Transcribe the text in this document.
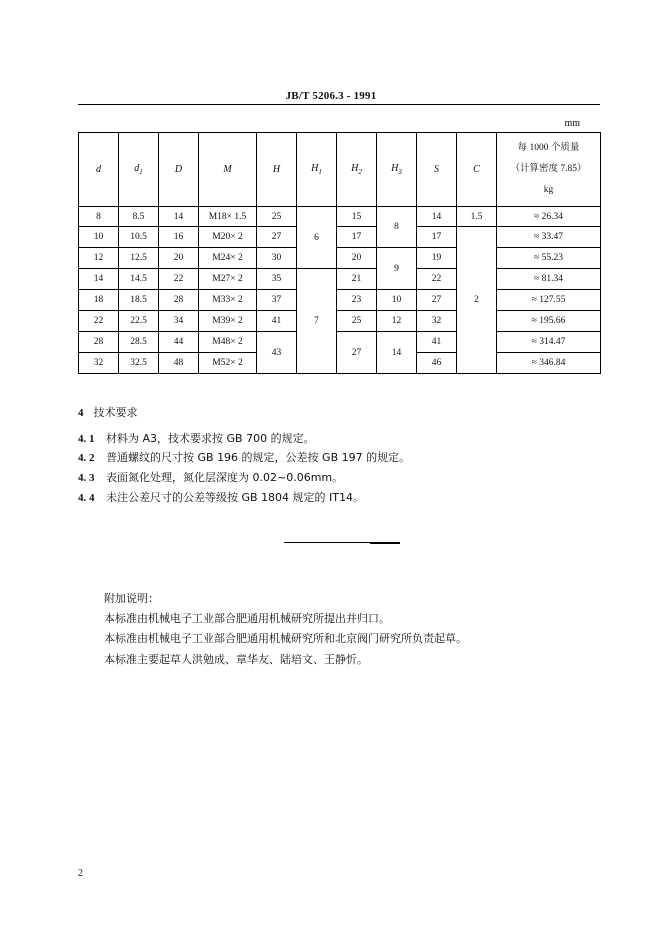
JB/T 5206.3 - 1991
mm
d	$d_1$	D	M	H	$H_1$	$H_2$	$H_3$	S	C	每 1000 个质量
（计算密度 7.85）
kg

8	8.5	14	M18× 1.5	25	6	15	8	14	1.5	≈ 26.34
10	10.5	16	M20× 2	27		17		17	2	≈ 33.47
12	12.5	20	M24× 2	30		20	9	19		≈ 55.23
14	14.5	22	M27× 2	35	7	21		22		≈ 81.34
18	18.5	28	M33× 2	37		23	10	27		≈ 127.55
22	22.5	34	M39× 2	41		25	12	32		≈ 195.66
28	28.5	44	M48× 2	43		27	14	41		≈ 314.47
32	32.5	48	M52× 2					46		≈ 346.84
4 技术要求
4. 1 材料为 A3，技术要求按 GB 700 的规定。
4. 2 普通螺纹的尺寸按 GB 196 的规定，公差按 GB 197 的规定。
4. 3 表面氮化处理，氮化层深度为 0.02~0.06mm。
4. 4 未注公差尺寸的公差等级按 GB 1804 规定的 IT14。
附加说明：
本标准由机械电子工业部合肥通用机械研究所提出并归口。
本标准由机械电子工业部合肥通用机械研究所和北京阀门研究所负责起草。
本标准主要起草人洪勉成、章华友、陆培文、王静忻。
2
